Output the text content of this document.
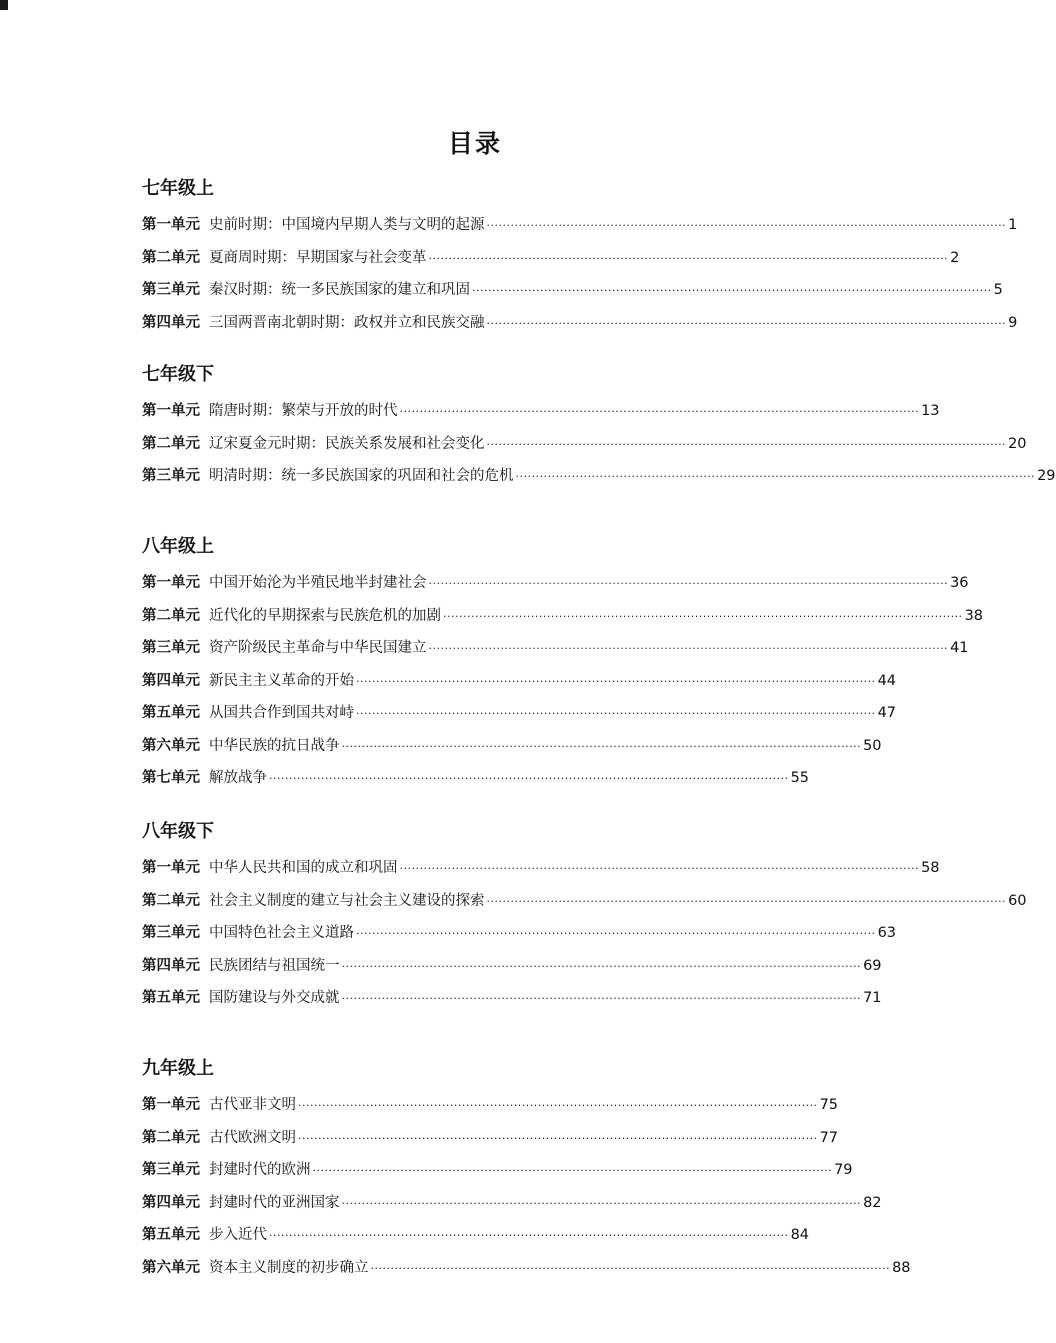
目录
七年级上
第一单元 史前时期：中国境内早期人类与文明的起源 ·································································································································· 1
第二单元 夏商周时期：早期国家与社会变革 ·································································································································· 2
第三单元 秦汉时期：统一多民族国家的建立和巩固 ·································································································································· 5
第四单元 三国两晋南北朝时期：政权并立和民族交融 ·································································································································· 9
七年级下
第一单元 隋唐时期：繁荣与开放的时代 ·································································································································· 13
第二单元 辽宋夏金元时期：民族关系发展和社会变化 ·································································································································· 20
第三单元 明清时期：统一多民族国家的巩固和社会的危机 ·································································································································· 29
八年级上
第一单元 中国开始沦为半殖民地半封建社会 ·································································································································· 36
第二单元 近代化的早期探索与民族危机的加剧 ·································································································································· 38
第三单元 资产阶级民主革命与中华民国建立 ·································································································································· 41
第四单元 新民主主义革命的开始 ·································································································································· 44
第五单元 从国共合作到国共对峙 ·································································································································· 47
第六单元 中华民族的抗日战争 ·································································································································· 50
第七单元 解放战争 ·································································································································· 55
八年级下
第一单元 中华人民共和国的成立和巩固 ·································································································································· 58
第二单元 社会主义制度的建立与社会主义建设的探索 ·································································································································· 60
第三单元 中国特色社会主义道路 ·································································································································· 63
第四单元 民族团结与祖国统一 ·································································································································· 69
第五单元 国防建设与外交成就 ·································································································································· 71
九年级上
第一单元 古代亚非文明 ·································································································································· 75
第二单元 古代欧洲文明 ·································································································································· 77
第三单元 封建时代的欧洲 ·································································································································· 79
第四单元 封建时代的亚洲国家 ·································································································································· 82
第五单元 步入近代 ·································································································································· 84
第六单元 资本主义制度的初步确立 ·································································································································· 88
